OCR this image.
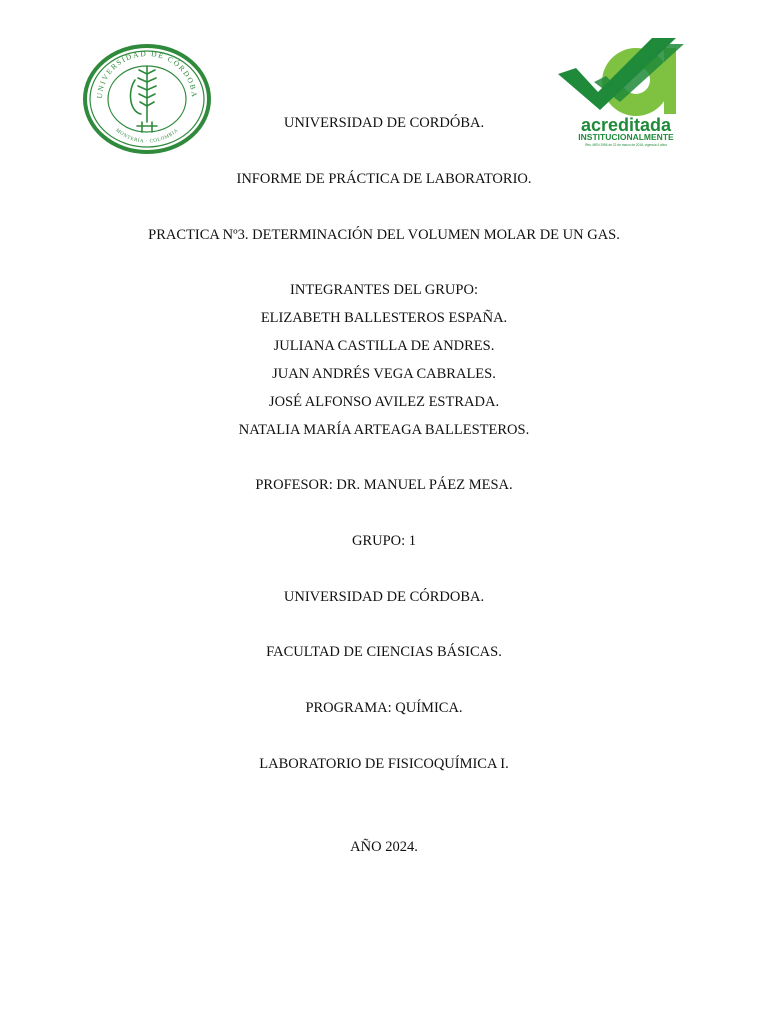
UNIVERSIDAD DE CÓRDOBA
MONTERÍA · COLOMBIA	acreditada
INSTITUCIONALMENTE
Res. MEN 2956 de 22 de marzo de 2018, vigencia 4 años
UNIVERSIDAD DE CORDÓBA.
INFORME DE PRÁCTICA DE LABORATORIO.
PRACTICA Nº3. DETERMINACIÓN DEL VOLUMEN MOLAR DE UN GAS.
INTEGRANTES DEL GRUPO:
ELIZABETH BALLESTEROS ESPAÑA.
JULIANA CASTILLA DE ANDRES.
JUAN ANDRÉS VEGA CABRALES.
JOSÉ ALFONSO AVILEZ ESTRADA.
NATALIA MARÍA ARTEAGA BALLESTEROS.
PROFESOR: DR. MANUEL PÁEZ MESA.
GRUPO: 1
UNIVERSIDAD DE CÓRDOBA.
FACULTAD DE CIENCIAS BÁSICAS.
PROGRAMA: QUÍMICA.
LABORATORIO DE FISICOQUÍMICA I.
AÑO 2024.
